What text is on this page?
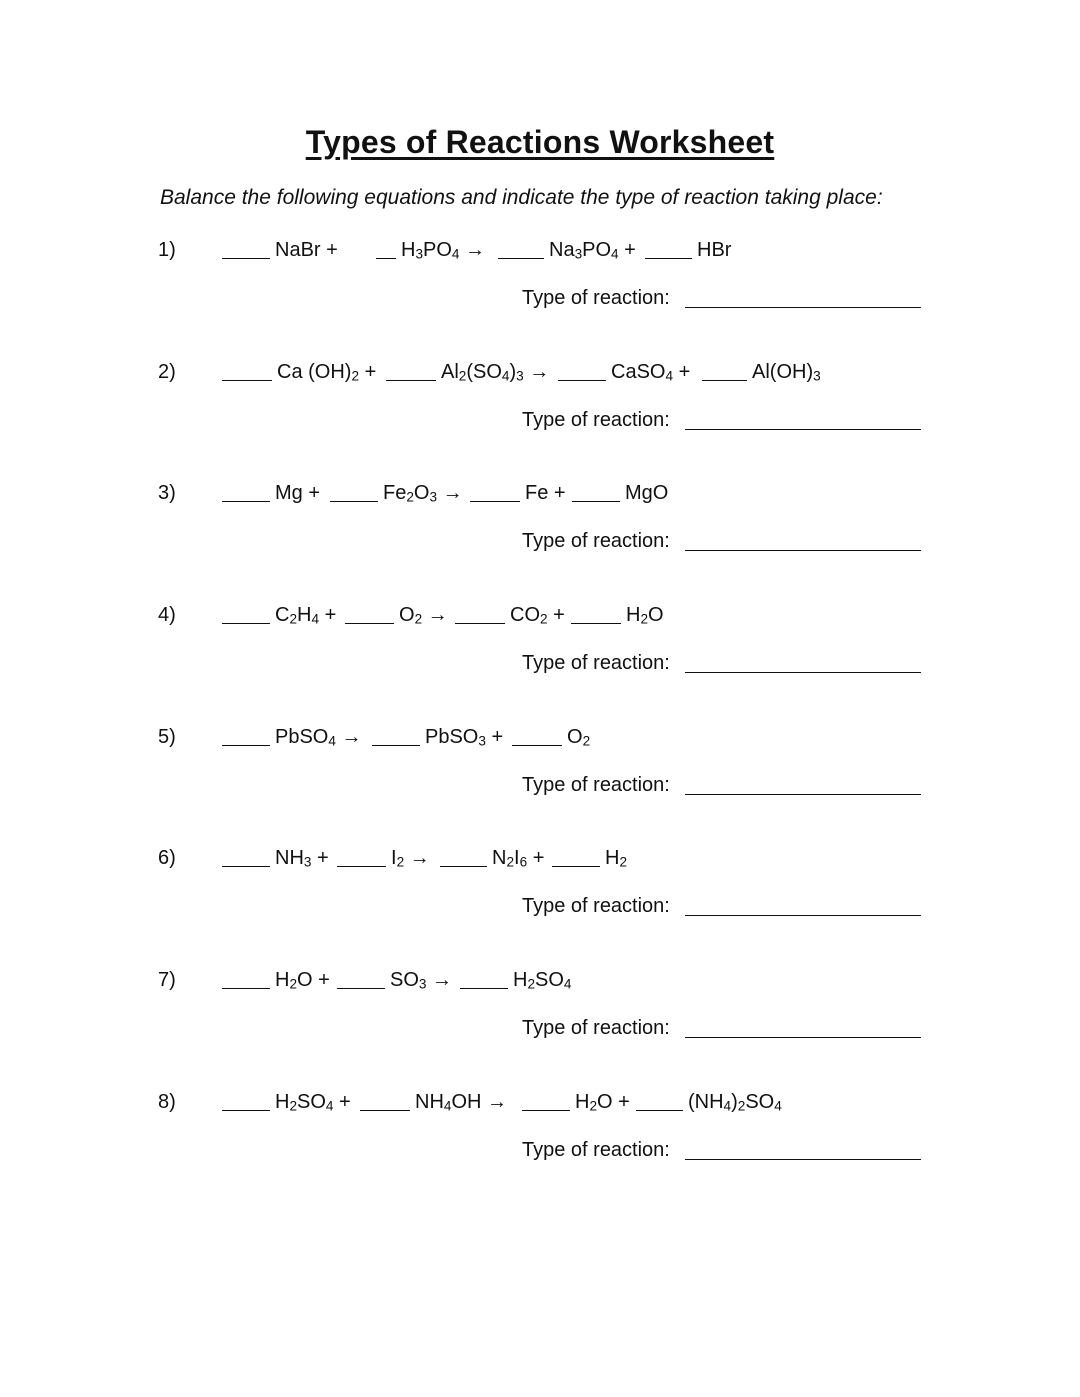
Types of Reactions Worksheet
Balance the following equations and indicate the type of reaction taking place:
1)	NaBr +	$H_3PO_4$ →	$Na_3PO_4$ +	HBr
Type of reaction:
2)	Ca $(OH)_2$ +	$Al_2(SO_4)_3$ →	CaSO$_4$ +	$Al(OH)_3$
Type of reaction:
3)	Mg +	$Fe_2O_3$ →	Fe +	MgO
Type of reaction:
4)	$C_2H_4$ +	$O_2$ →	$CO_2$ +	$H_2O$
Type of reaction:
5)	PbSO$_4$ →	PbSO$_3$ +	$O_2$
Type of reaction:
6)	$NH_3$ +	$I_2$ →	$N_2I_6$ +	$H_2$
Type of reaction:
7)	$H_2O$ +	$SO_3$ →	$H_2SO_4$
Type of reaction:
8)	$H_2SO_4$ +	$NH_4OH$ →	$H_2O$ +	$(NH_4)_2SO_4$
Type of reaction:
